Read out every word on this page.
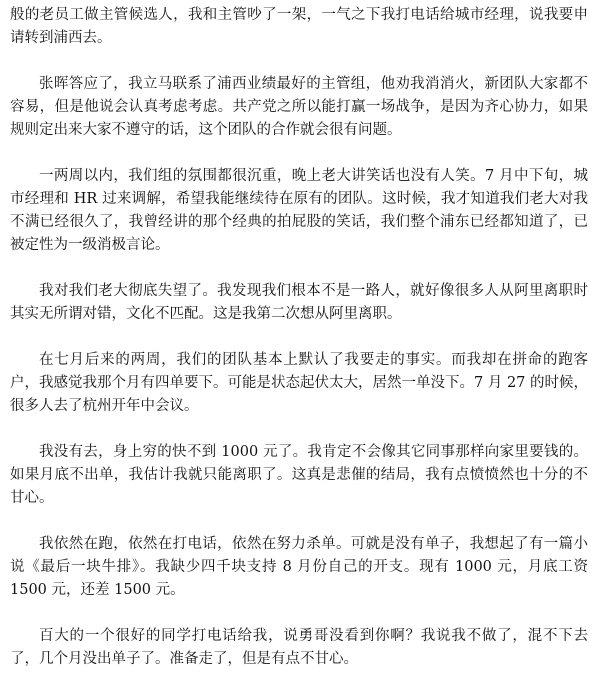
般的老员工做主管候选人，我和主管吵了一架，一气之下我打电话给城市经理，说我要申请转到浦西去。

张晖答应了，我立马联系了浦西业绩最好的主管组，他劝我消消火，新团队大家都不容易，但是他说会认真考虑考虑。共产党之所以能打赢一场战争，是因为齐心协力，如果规则定出来大家不遵守的话，这个团队的合作就会很有问题。

一两周以内，我们组的氛围都很沉重，晚上老大讲笑话也没有人笑。7 月中下旬，城市经理和 HR 过来调解，希望我能继续待在原有的团队。这时候，我才知道我们老大对我不满已经很久了，我曾经讲的那个经典的拍屁股的笑话，我们整个浦东已经都知道了，已被定性为一级消极言论。

我对我们老大彻底失望了。我发现我们根本不是一路人，就好像很多人从阿里离职时其实无所谓对错，文化不匹配。这是我第二次想从阿里离职。

在七月后来的两周，我们的团队基本上默认了我要走的事实。而我却在拼命的跑客户，我感觉我那个月有四单要下。可能是状态起伏太大，居然一单没下。7 月 27 的时候，很多人去了杭州开年中会议。

我没有去，身上穷的快不到 1000 元了。我肯定不会像其它同事那样向家里要钱的。如果月底不出单，我估计我就只能离职了。这真是悲催的结局，我有点愤愤然也十分的不甘心。

我依然在跑，依然在打电话，依然在努力杀单。可就是没有单子，我想起了有一篇小说《最后一块牛排》。我缺少四千块支持 8 月份自己的开支。现有 1000 元，月底工资 1500 元，还差 1500 元。

百大的一个很好的同学打电话给我，说勇哥没看到你啊？我说我不做了，混不下去了，几个月没出单子了。准备走了，但是有点不甘心。
